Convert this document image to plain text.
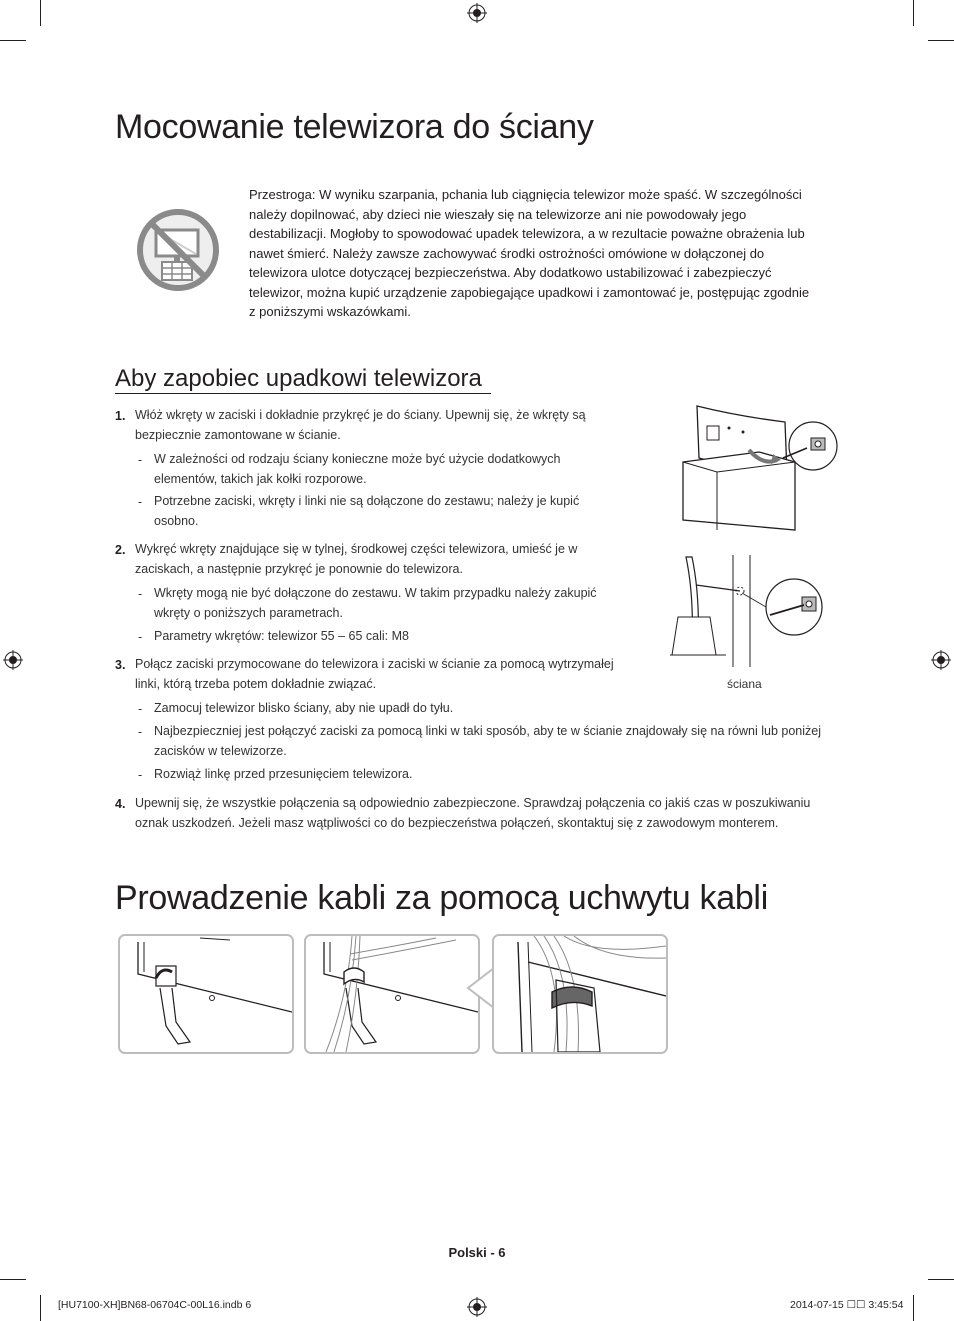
Mocowanie telewizora do ściany
Przestroga: W wyniku szarpania, pchania lub ciągnięcia telewizor może spaść. W szczególności należy dopilnować, aby dzieci nie wieszały się na telewizorze ani nie powodowały jego destabilizacji. Mogłoby to spowodować upadek telewizora, a w rezultacie poważne obrażenia lub nawet śmierć. Należy zawsze zachowywać środki ostrożności omówione w dołączonej do telewizora ulotce dotyczącej bezpieczeństwa. Aby dodatkowo ustabilizować i zabezpieczyć telewizor, można kupić urządzenie zapobiegające upadkowi i zamontować je, postępując zgodnie z poniższymi wskazówkami.
Aby zapobiec upadkowi telewizora
1. Włóż wkręty w zaciski i dokładnie przykręć je do ściany. Upewnij się, że wkręty są bezpiecznie zamontowane w ścianie.
- W zależności od rodzaju ściany konieczne może być użycie dodatkowych elementów, takich jak kołki rozporowe.
- Potrzebne zaciski, wkręty i linki nie są dołączone do zestawu; należy je kupić osobno.
2. Wykręć wkręty znajdujące się w tylnej, środkowej części telewizora, umieść je w zaciskach, a następnie przykręć je ponownie do telewizora.
- Wkręty mogą nie być dołączone do zestawu. W takim przypadku należy zakupić wkręty o poniższych parametrach.
- Parametry wkrętów: telewizor 55 – 65 cali: M8
3. Połącz zaciski przymocowane do telewizora i zaciski w ścianie za pomocą wytrzymałej linki, którą trzeba potem dokładnie związać.
- Zamocuj telewizor blisko ściany, aby nie upadł do tyłu.
- Najbezpieczniej jest połączyć zaciski za pomocą linki w taki sposób, aby te w ścianie znajdowały się na równi lub poniżej zacisków w telewizorze.
- Rozwiąż linkę przed przesunięciem telewizora.
4. Upewnij się, że wszystkie połączenia są odpowiednio zabezpieczone. Sprawdzaj połączenia co jakiś czas w poszukiwaniu oznak uszkodzeń. Jeżeli masz wątpliwości co do bezpieczeństwa połączeń, skontaktuj się z zawodowym monterem.
ściana
Prowadzenie kabli za pomocą uchwytu kabli
Polski - 6
[HU7100-XH]BN68-06704C-00L16.indb 6	2014-07-15 ☐☐ 3:45:54
